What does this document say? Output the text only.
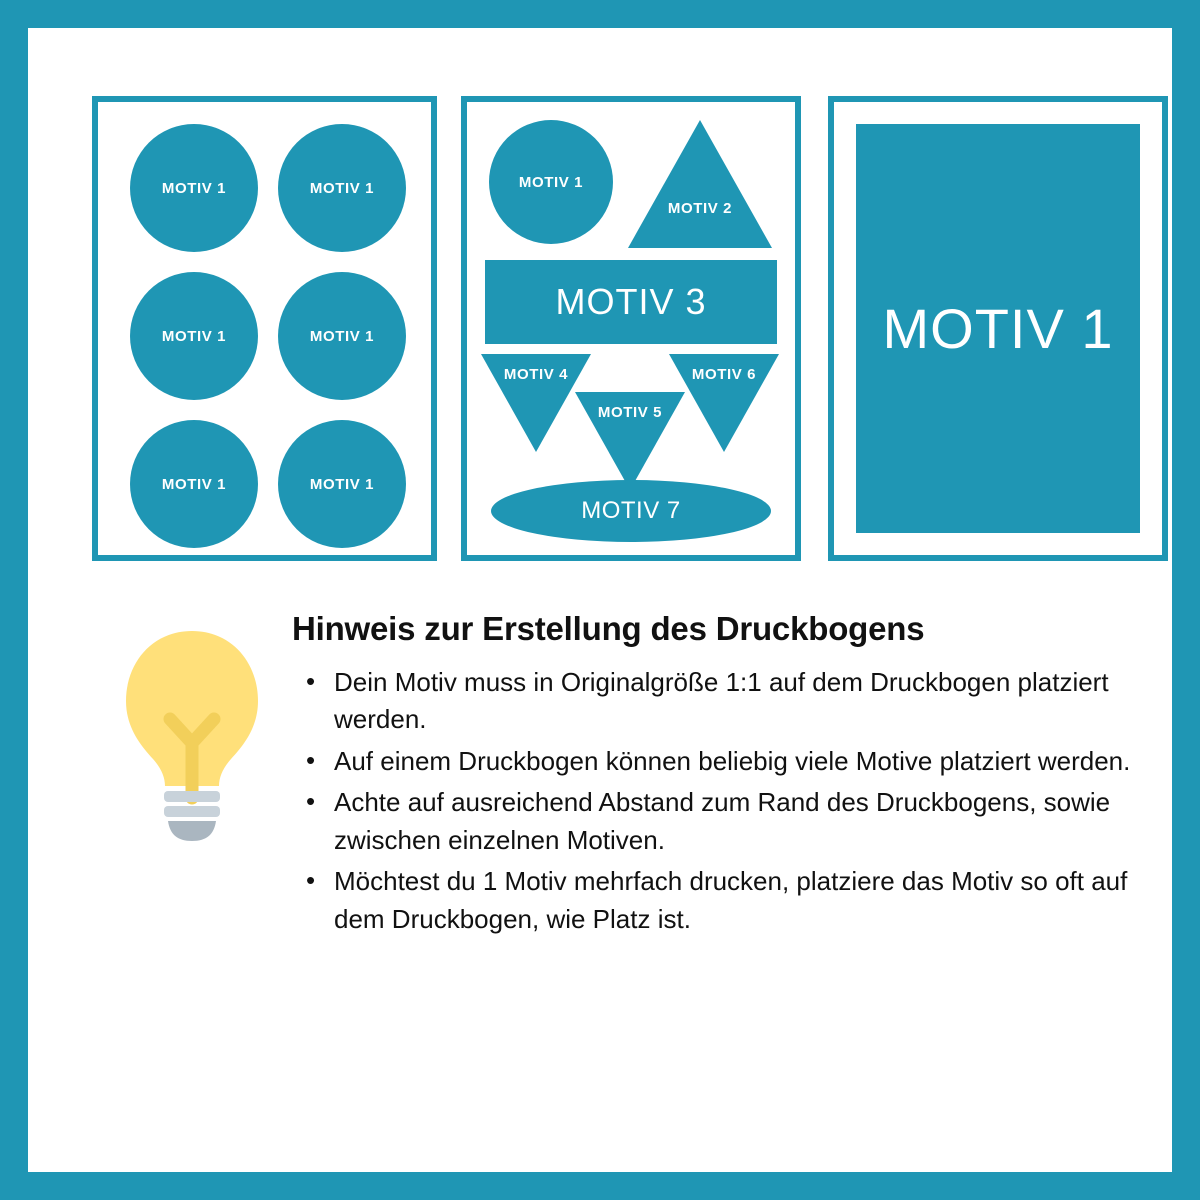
MOTIV 1	MOTIV 1
MOTIV 1	MOTIV 1
MOTIV 1	MOTIV 1
MOTIV 1
MOTIV 2
MOTIV 3
MOTIV 4
MOTIV 5
MOTIV 6
MOTIV 7
MOTIV 1
Hinweis zur Erstellung des Druckbogens
• Dein Motiv muss in Originalgröße 1:1 auf dem Druckbogen platziert werden.
• Auf einem Druckbogen können beliebig viele Motive platziert werden.
• Achte auf ausreichend Abstand zum Rand des Druckbogens, sowie zwischen einzelnen Motiven.
• Möchtest du 1 Motiv mehrfach drucken, platziere das Motiv so oft auf dem Druckbogen, wie Platz ist.
